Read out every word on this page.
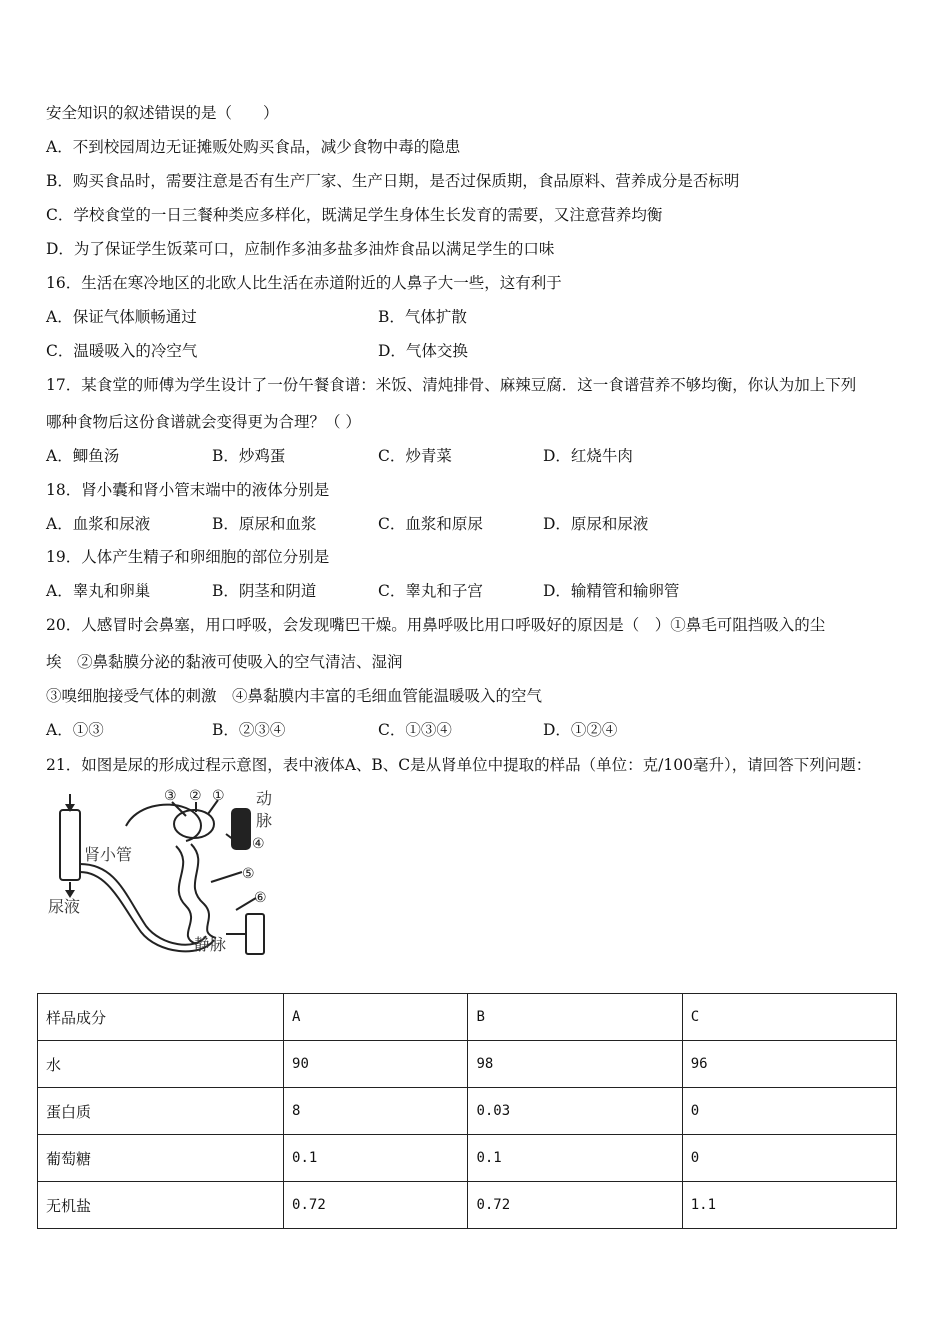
安全知识的叙述错误的是（　　）
A．不到校园周边无证摊贩处购买食品，减少食物中毒的隐患
B．购买食品时，需要注意是否有生产厂家、生产日期，是否过保质期，食品原料、营养成分是否标明
C．学校食堂的一日三餐种类应多样化，既满足学生身体生长发育的需要，又注意营养均衡
D．为了保证学生饭菜可口，应制作多油多盐多油炸食品以满足学生的口味
16．生活在寒冷地区的北欧人比生活在赤道附近的人鼻子大一些，这有利于
A．保证气体顺畅通过	B．气体扩散
C．温暖吸入的冷空气	D．气体交换
17．某食堂的师傅为学生设计了一份午餐食谱：米饭、清炖排骨、麻辣豆腐．这一食谱营养不够均衡，你认为加上下列
哪种食物后这份食谱就会变得更为合理？（ ）
A．鲫鱼汤	B．炒鸡蛋	C．炒青菜	D．红烧牛肉
18．肾小囊和肾小管末端中的液体分别是
A．血浆和尿液	B．原尿和血浆	C．血浆和原尿	D．原尿和尿液
19．人体产生精子和卵细胞的部位分别是
A．睾丸和卵巢	B．阴茎和阴道	C．睾丸和子宫	D．输精管和输卵管
20．人感冒时会鼻塞，用口呼吸，会发现嘴巴干燥。用鼻呼吸比用口呼吸好的原因是（　）①鼻毛可阻挡吸入的尘
埃　②鼻黏膜分泌的黏液可使吸入的空气清洁、湿润
③嗅细胞接受气体的刺激　④鼻黏膜内丰富的毛细血管能温暖吸入的空气
A．①③	B．②③④	C．①③④	D．①②④
21．如图是尿的形成过程示意图，表中液体A、B、C是从肾单位中提取的样品（单位：克/100毫升），请回答下列问题：
③ ② ①
④
⑤
⑥
动
脉
肾小管
尿液
静脉
样品成分	A	B	C
水	90	98	96
蛋白质	8	0.03	0
葡萄糖	0.1	0.1	0
无机盐	0.72	0.72	1.1
